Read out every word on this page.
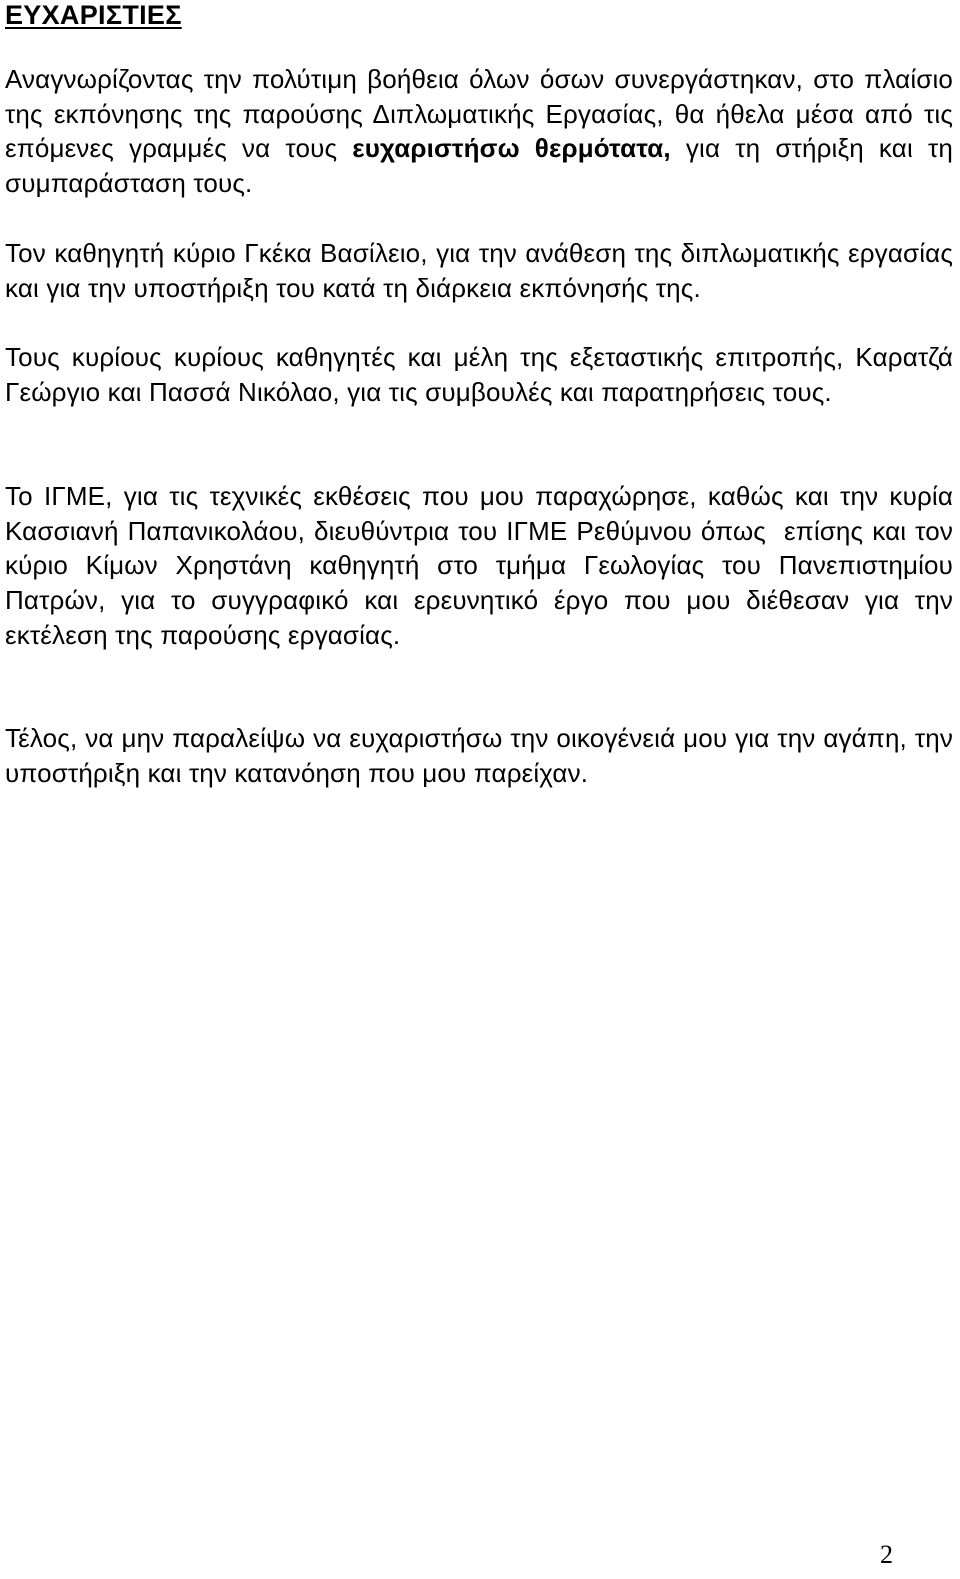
ΕΥΧΑΡΙΣΤΙΕΣ

Αναγνωρίζοντας την πολύτιμη βοήθεια όλων όσων συνεργάστηκαν, στο πλαίσιο της εκπόνησης της παρούσης Διπλωματικής Εργασίας, θα ήθελα μέσα από τις επόμενες γραμμές να τους ευχαριστήσω θερμότατα, για τη στήριξη και τη συμπαράσταση τους.

Τον καθηγητή κύριο Γκέκα Βασίλειο, για την ανάθεση της διπλωματικής εργασίας και για την υποστήριξη του κατά τη διάρκεια εκπόνησής της.

Τους κυρίους κυρίους καθηγητές και μέλη της εξεταστικής επιτροπής, Καρατζά Γεώργιο και Πασσά Νικόλαο, για τις συμβουλές και παρατηρήσεις τους.

Το ΙΓΜΕ, για τις τεχνικές εκθέσεις που μου παραχώρησε, καθώς και την κυρία Κασσιανή Παπανικολάου, διευθύντρια του ΙΓΜΕ Ρεθύμνου όπως  επίσης και τον κύριο Κίμων Χρηστάνη καθηγητή στο τμήμα Γεωλογίας του Πανεπιστημίου Πατρών, για το συγγραφικό και ερευνητικό έργο που μου διέθεσαν για την εκτέλεση της παρούσης εργασίας.

Τέλος, να μην παραλείψω να ευχαριστήσω την οικογένειά μου για την αγάπη, την υποστήριξη και την κατανόηση που μου παρείχαν.

2
